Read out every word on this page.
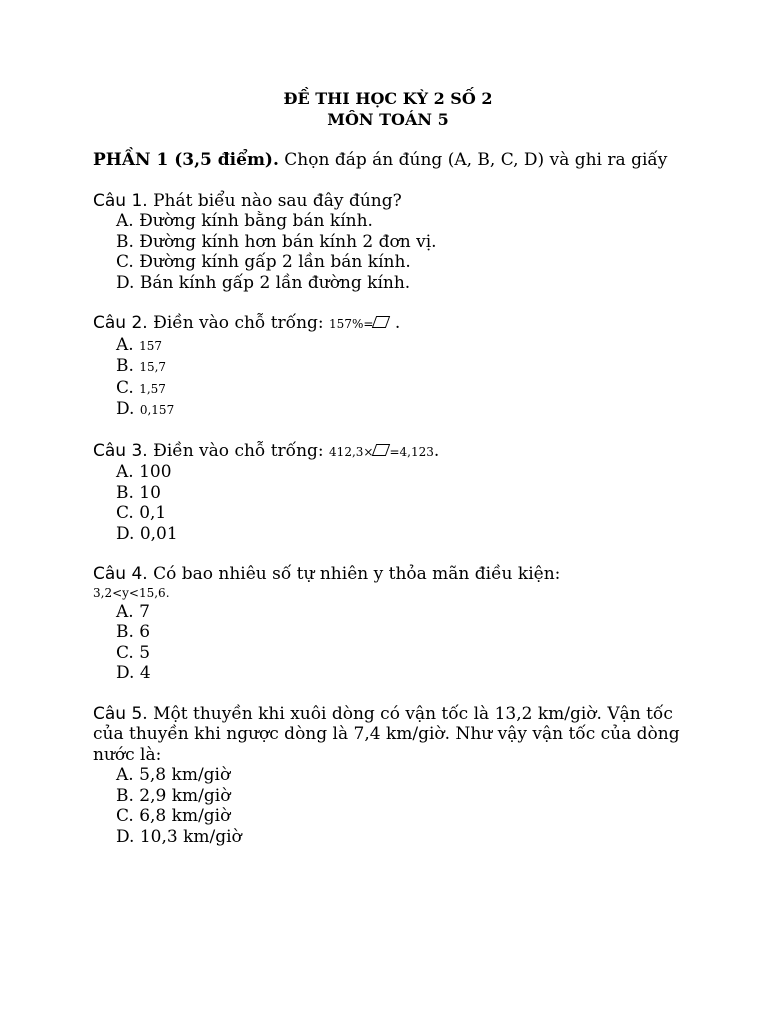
ĐỀ THI HỌC KỲ 2 SỐ 2
MÔN TOÁN 5
PHẦN 1 (3,5 điểm). Chọn đáp án đúng (A, B, C, D) và ghi ra giấy
Câu 1. Phát biểu nào sau đây đúng?
A. Đường kính bằng bán kính.
B. Đường kính hơn bán kính 2 đơn vị.
C. Đường kính gấp 2 lần bán kính.
D. Bán kính gấp 2 lần đường kính.
Câu 2. Điền vào chỗ trống: 157%= .
A. 157
B. 15,7
C. 1,57
D. 0,157
Câu 3. Điền vào chỗ trống: 412,3× =4,123.
A. 100
B. 10
C. 0,1
D. 0,01
Câu 4. Có bao nhiêu số tự nhiên y thỏa mãn điều kiện:
3,2<y<15,6.
A. 7
B. 6
C. 5
D. 4
Câu 5. Một thuyền khi xuôi dòng có vận tốc là 13,2 km/giờ. Vận tốc của thuyền khi ngược dòng là 7,4 km/giờ. Như vậy vận tốc của dòng nước là:
A. 5,8 km/giờ
B. 2,9 km/giờ
C. 6,8 km/giờ
D. 10,3 km/giờ
